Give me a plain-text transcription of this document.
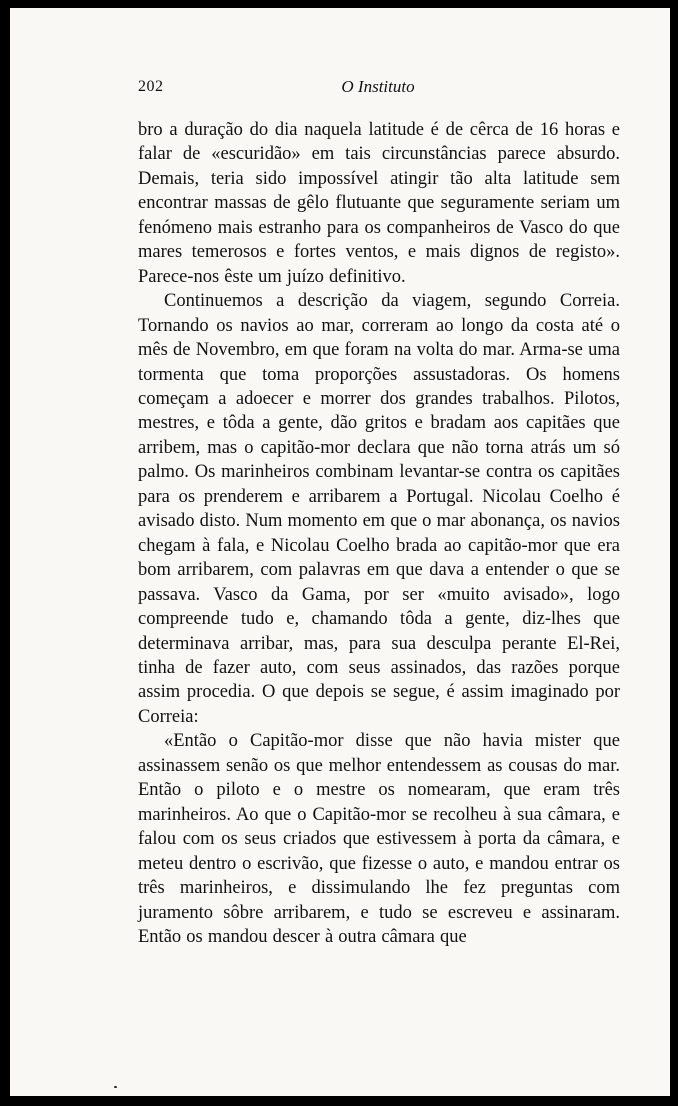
202	O Instituto

bro a duração do dia naquela latitude é de cêrca de 16 horas e falar de «escuridão» em tais circunstâncias parece absurdo. Demais, teria sido impossível atingir tão alta latitude sem encontrar massas de gêlo flutuante que seguramente seriam um fenómeno mais estranho para os companheiros de Vasco do que mares temerosos e fortes ventos, e mais dignos de registo». Parece-nos êste um juízo definitivo.

Continuemos a descrição da viagem, segundo Correia. Tornando os navios ao mar, correram ao longo da costa até o mês de Novembro, em que foram na volta do mar. Arma-se uma tormenta que toma proporções assustadoras. Os homens começam a adoecer e morrer dos grandes trabalhos. Pilotos, mestres, e tôda a gente, dão gritos e bradam aos capitães que arribem, mas o capitão-mor declara que não torna atrás um só palmo. Os marinheiros combinam levantar-se contra os capitães para os prenderem e arribarem a Portugal. Nicolau Coelho é avisado disto. Num momento em que o mar abonança, os navios chegam à fala, e Nicolau Coelho brada ao capitão-mor que era bom arribarem, com palavras em que dava a entender o que se passava. Vasco da Gama, por ser «muito avisado», logo compreende tudo e, chamando tôda a gente, diz-lhes que determinava arribar, mas, para sua desculpa perante El-Rei, tinha de fazer auto, com seus assinados, das razões porque assim procedia. O que depois se segue, é assim imaginado por Correia:

«Então o Capitão-mor disse que não havia mister que assinassem senão os que melhor entendessem as cousas do mar. Então o piloto e o mestre os nomearam, que eram três marinheiros. Ao que o Capitão-mor se recolheu à sua câmara, e falou com os seus criados que estivessem à porta da câmara, e meteu dentro o escrivão, que fizesse o auto, e mandou entrar os três marinheiros, e dissimulando lhe fez preguntas com juramento sôbre arribarem, e tudo se escreveu e assinaram. Então os mandou descer à outra câmara que
